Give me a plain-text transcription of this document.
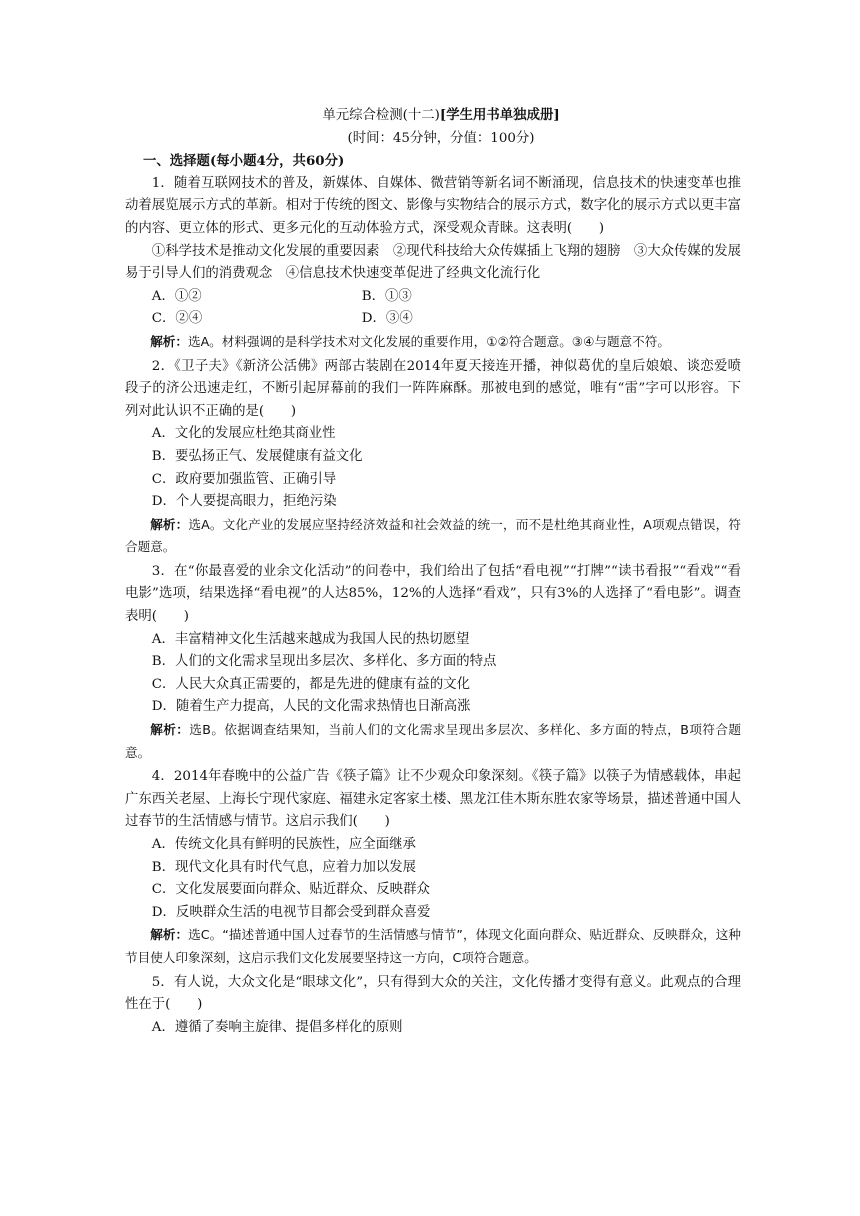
单元综合检测(十二)[学生用书单独成册]
(时间：45分钟，分值：100分)
一、选择题(每小题4分，共60分)
1．随着互联网技术的普及，新媒体、自媒体、微营销等新名词不断涌现，信息技术的快速变革也推动着展览展示方式的革新。相对于传统的图文、影像与实物结合的展示方式，数字化的展示方式以更丰富的内容、更立体的形式、更多元化的互动体验方式，深受观众青睐。这表明(　　)
①科学技术是推动文化发展的重要因素　②现代科技给大众传媒插上飞翔的翅膀　③大众传媒的发展易于引导人们的消费观念　④信息技术快速变革促进了经典文化流行化
A．①②	B．①③
C．②④	D．③④
解析：选A。材料强调的是科学技术对文化发展的重要作用，①②符合题意。③④与题意不符。
2．《卫子夫》《新济公活佛》两部古装剧在2014年夏天接连开播，神似葛优的皇后娘娘、谈恋爱喷段子的济公迅速走红，不断引起屏幕前的我们一阵阵麻酥。那被电到的感觉，唯有“雷”字可以形容。下列对此认识不正确的是(　　)
A．文化的发展应杜绝其商业性
B．要弘扬正气、发展健康有益文化
C．政府要加强监管、正确引导
D．个人要提高眼力，拒绝污染
解析：选A。文化产业的发展应坚持经济效益和社会效益的统一，而不是杜绝其商业性，A项观点错误，符合题意。
3．在“你最喜爱的业余文化活动”的问卷中，我们给出了包括“看电视”“打牌”“读书看报”“看戏”“看电影”选项，结果选择“看电视”的人达85%，12%的人选择“看戏”，只有3%的人选择了“看电影”。调查表明(　　)
A．丰富精神文化生活越来越成为我国人民的热切愿望
B．人们的文化需求呈现出多层次、多样化、多方面的特点
C．人民大众真正需要的，都是先进的健康有益的文化
D．随着生产力提高，人民的文化需求热情也日渐高涨
解析：选B。依据调查结果知，当前人们的文化需求呈现出多层次、多样化、多方面的特点，B项符合题意。
4．2014年春晚中的公益广告《筷子篇》让不少观众印象深刻。《筷子篇》以筷子为情感载体，串起广东西关老屋、上海长宁现代家庭、福建永定客家土楼、黑龙江佳木斯东胜农家等场景，描述普通中国人过春节的生活情感与情节。这启示我们(　　)
A．传统文化具有鲜明的民族性，应全面继承
B．现代文化具有时代气息，应着力加以发展
C．文化发展要面向群众、贴近群众、反映群众
D．反映群众生活的电视节目都会受到群众喜爱
解析：选C。“描述普通中国人过春节的生活情感与情节”，体现文化面向群众、贴近群众、反映群众，这种节目使人印象深刻，这启示我们文化发展要坚持这一方向，C项符合题意。
5．有人说，大众文化是“眼球文化”，只有得到大众的关注，文化传播才变得有意义。此观点的合理性在于(　　)
A．遵循了奏响主旋律、提倡多样化的原则
